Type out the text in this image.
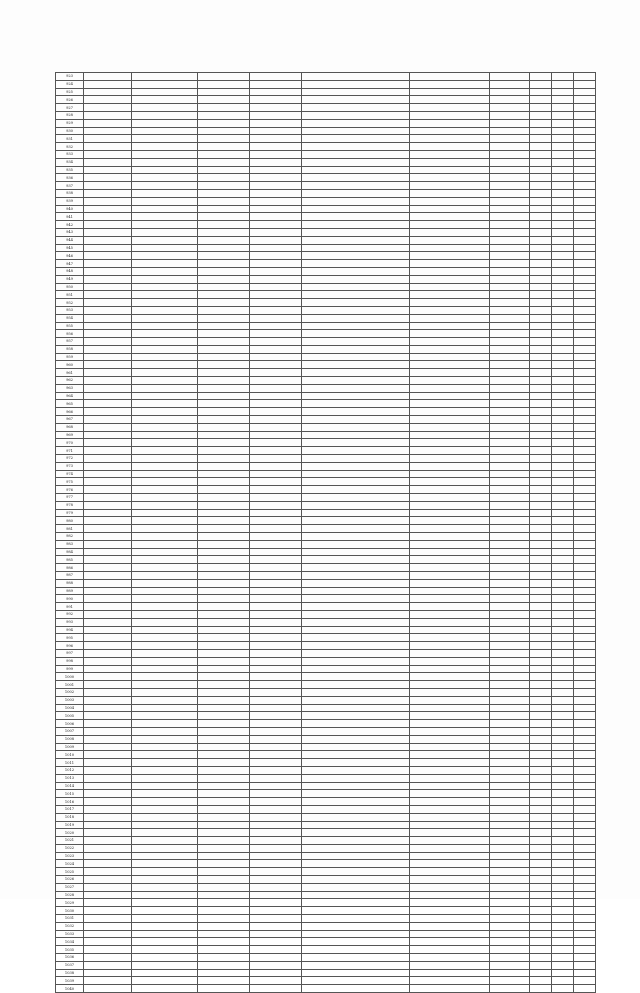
923										
924										
925										
926										
927										
928										
929										
930										
931										
932										
933										
934										
935										
936										
937										
938										
939										
940										
941										
942										
943										
944										
945										
946										
947										
948										
949										
950										
951										
952										
953										
954										
955										
956										
957										
958										
959										
960										
961										
962										
963										
964										
965										
966										
967										
968										
969										
970										
971										
972										
973										
974										
975										
976										
977										
978										
979										
980										
981										
982										
983										
984										
985										
986										
987										
988										
989										
990										
991										
992										
993										
994										
995										
996										
997										
998										
999										
1000										
1001										
1002										
1003										
1004										
1005										
1006										
1007										
1008										
1009										
1010										
1011										
1012										
1013										
1014										
1015										
1016										
1017										
1018										
1019										
1020										
1021										
1022										
1023										
1024										
1025										
1026										
1027										
1028										
1029										
1030										
1031										
1032										
1033										
1034										
1035										
1036										
1037										
1038										
1039										
1040										
